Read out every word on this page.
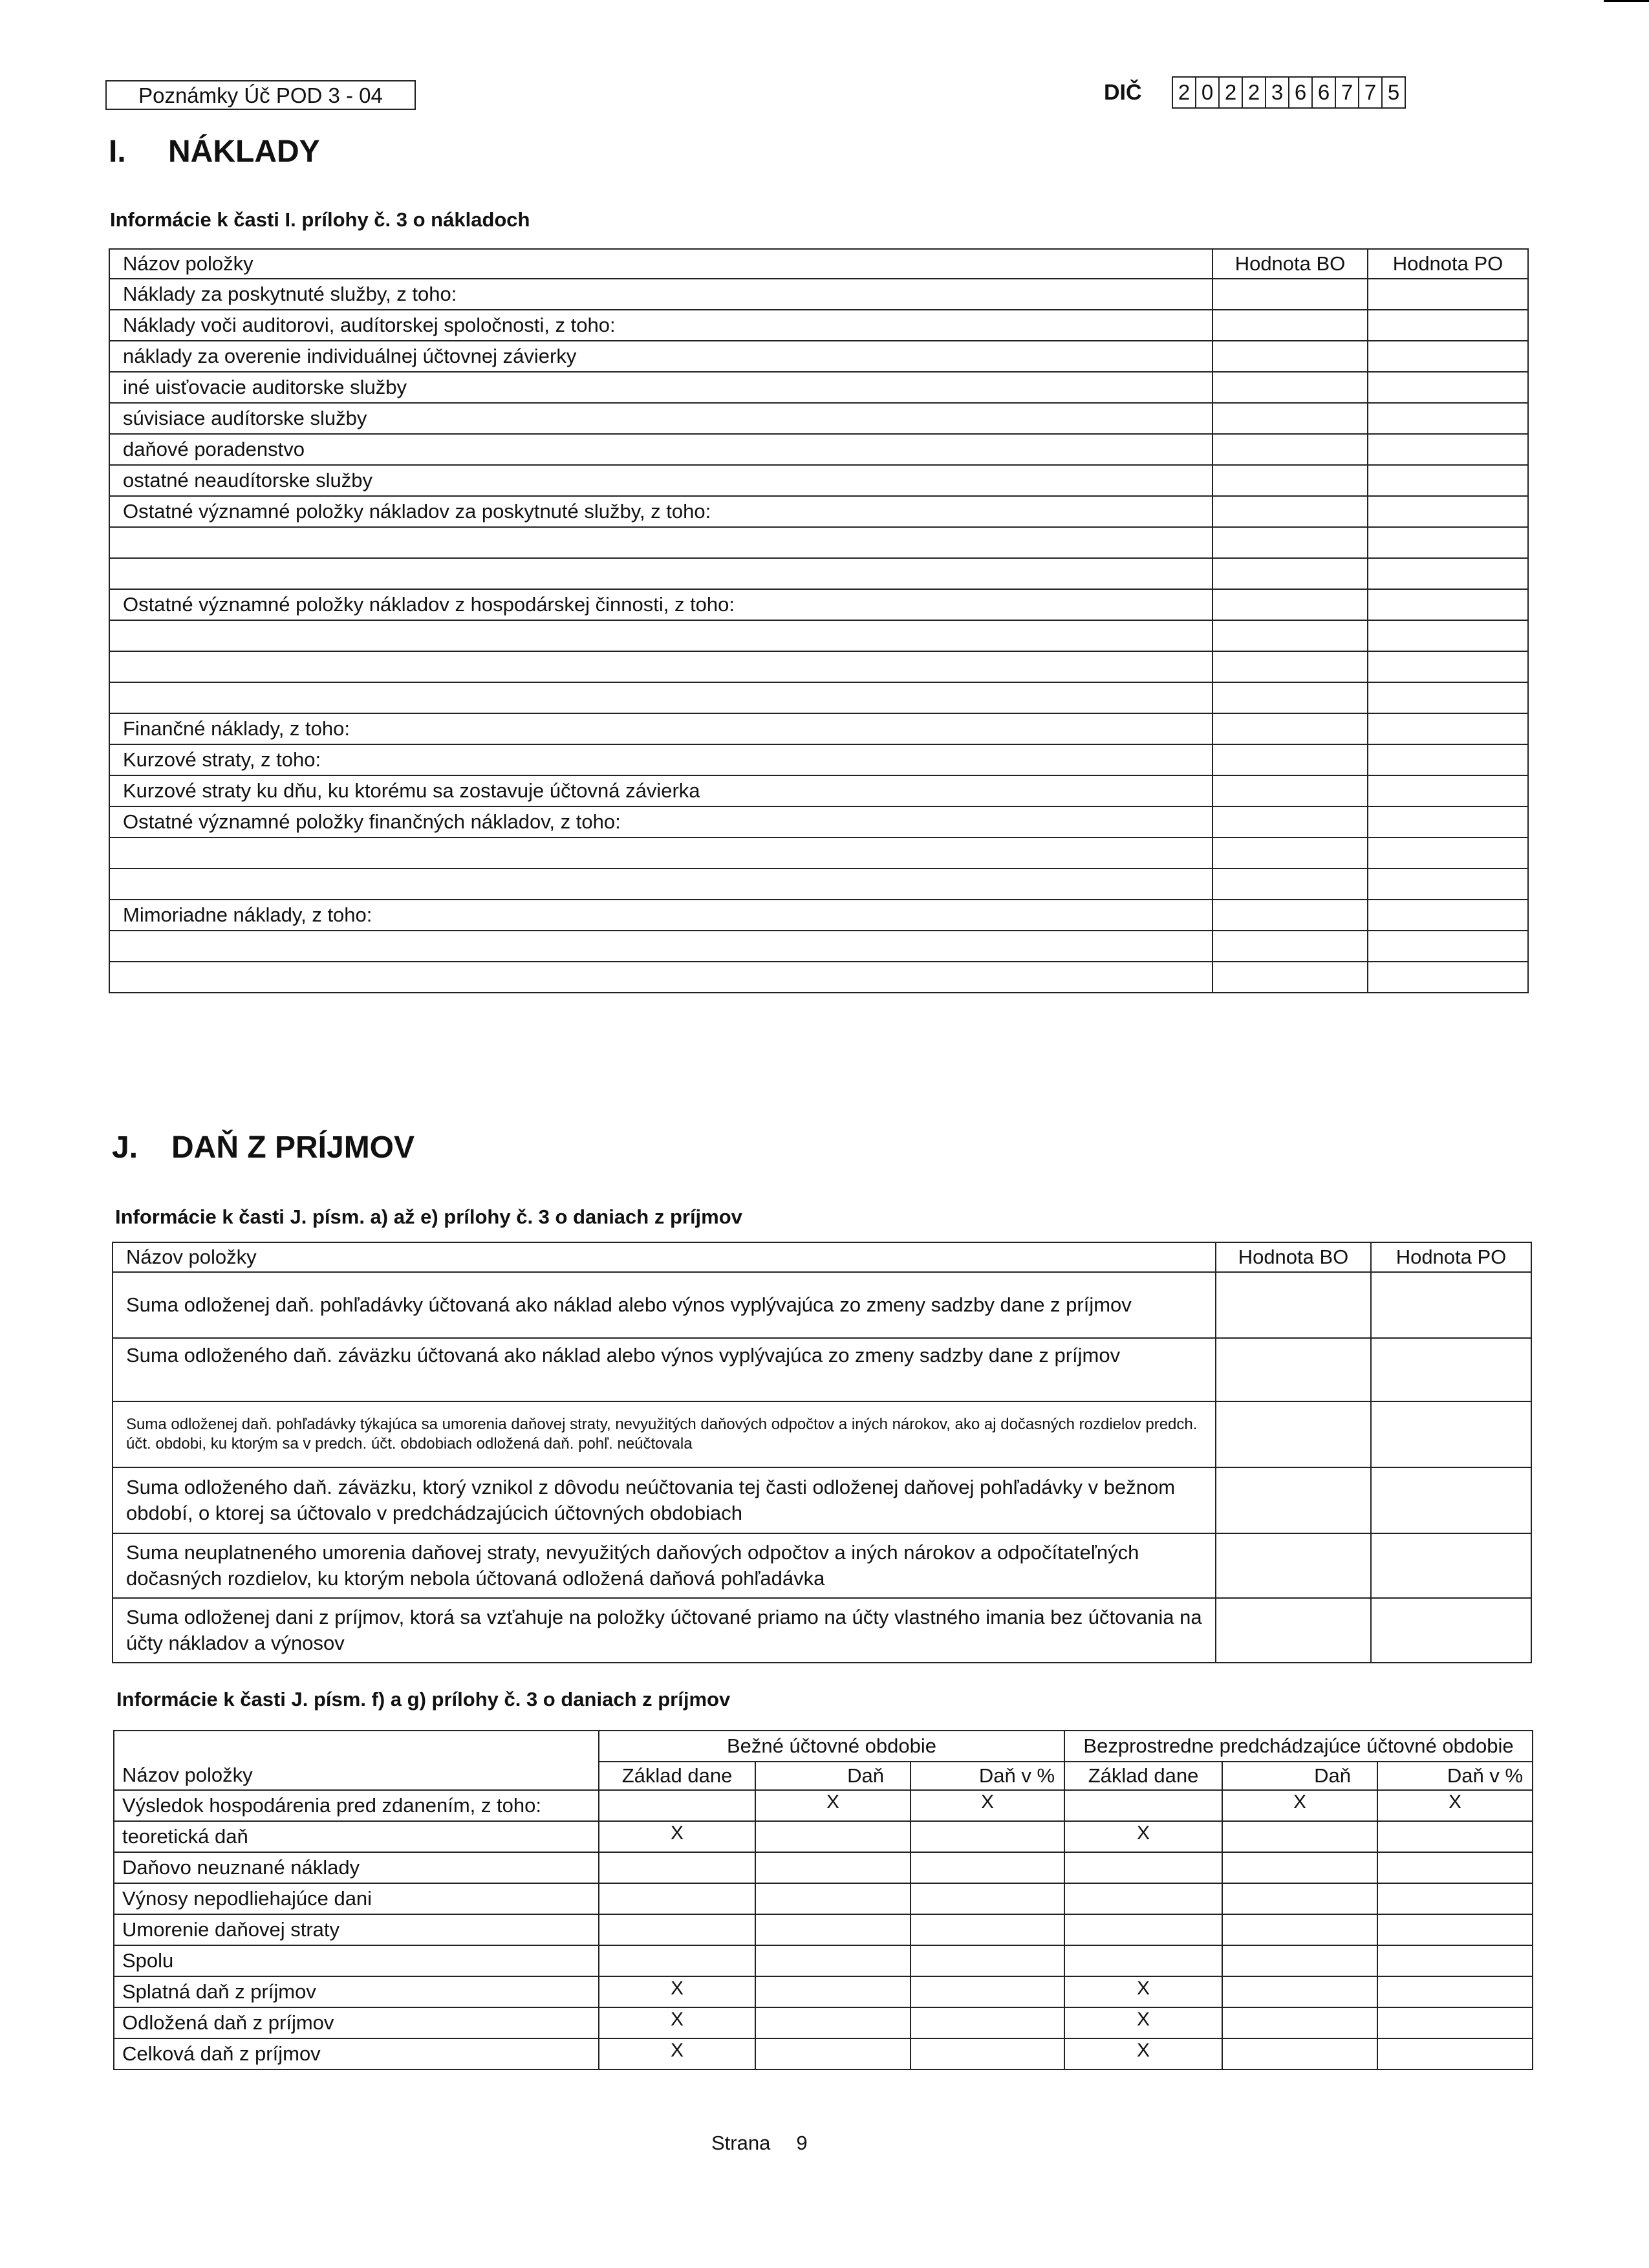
Poznámky Úč POD 3 - 04	DIČ 2 0 2 2 3 6 6 7 7 5
I. NÁKLADY
Informácie k časti I. prílohy č. 3 o nákladoch
Názov položky	Hodnota BO	Hodnota PO
Náklady za poskytnuté služby, z toho:		
Náklady voči auditorovi, audítorskej spoločnosti, z toho:		
náklady za overenie individuálnej účtovnej závierky		
iné uisťovacie auditorske služby		
súvisiace audítorske služby		
daňové poradenstvo		
ostatné neaudítorske služby		
Ostatné významné položky nákladov za poskytnuté služby, z toho:		

Ostatné významné položky nákladov z hospodárskej činnosti, z toho:		

Finančné náklady, z toho:		
Kurzové straty, z toho:		
Kurzové straty ku dňu, ku ktorému sa zostavuje účtovná závierka		
Ostatné významné položky finančných nákladov, z toho:		

Mimoriadne náklady, z toho:		

J. DAŇ Z PRÍJMOV
Informácie k časti J. písm. a) až e) prílohy č. 3 o daniach z príjmov
Názov položky	Hodnota BO	Hodnota PO
Suma odloženej daň. pohľadávky účtovaná ako náklad alebo výnos vyplývajúca zo zmeny sadzby dane z príjmov		
Suma odloženého daň. záväzku účtovaná ako náklad alebo výnos vyplývajúca zo zmeny sadzby dane z príjmov		
Suma odloženej daň. pohľadávky týkajúca sa umorenia daňovej straty, nevyužitých daňových odpočtov a iných nárokov, ako aj dočasných rozdielov predch. účt. obdobi, ku ktorým sa v predch. účt. obdobiach odložená daň. pohľ. neúčtovala		
Suma odloženého daň. záväzku, ktorý vznikol z dôvodu neúčtovania tej časti odloženej daňovej pohľadávky v bežnom období, o ktorej sa účtovalo v predchádzajúcich účtovných obdobiach		
Suma neuplatneného umorenia daňovej straty, nevyužitých daňových odpočtov a iných nárokov a odpočítateľných dočasných rozdielov, ku ktorým nebola účtovaná odložená daňová pohľadávka		
Suma odloženej dani z príjmov, ktorá sa vzťahuje na položky účtované priamo na účty vlastného imania bez účtovania na účty nákladov a výnosov		
Informácie k časti J. písm. f) a g) prílohy č. 3 o daniach z príjmov
Názov položky	Bežné účtovné obdobie			Bezprostredne predchádzajúce účtovné obdobie		
	Základ dane	Daň	Daň v %	Základ dane	Daň	Daň v %
Výsledok hospodárenia pred zdanením, z toho:		X	X		X	X
teoretická daň	X			X		
Daňovo neuznané náklady						
Výnosy nepodliehajúce dani						
Umorenie daňovej straty						
Spolu						
Splatná daň z príjmov	X			X		
Odložená daň z príjmov	X			X		
Celková daň z príjmov	X			X		
Strana 9
